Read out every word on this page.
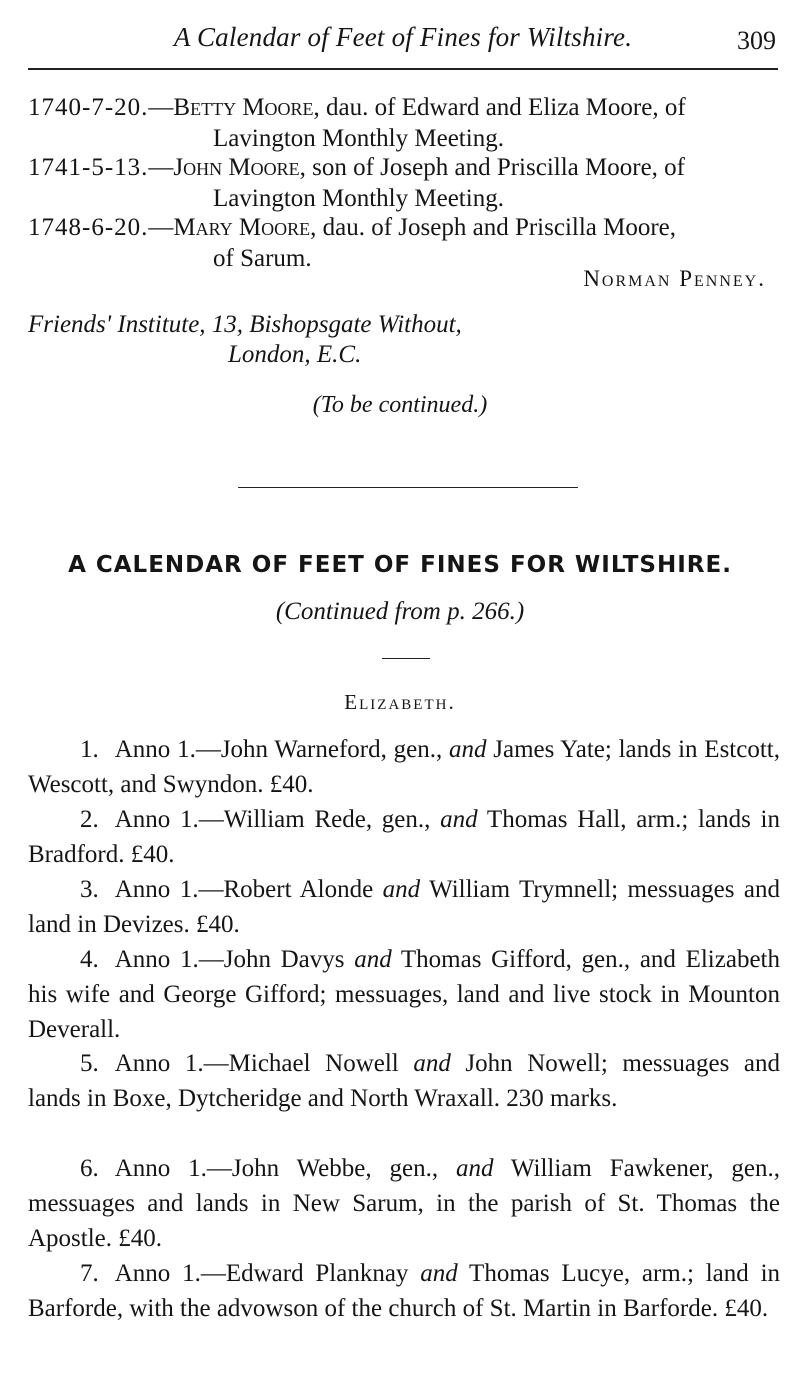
A Calendar of Feet of Fines for Wiltshire.	309
1740-7-20.—Betty Moore, dau. of Edward and Eliza Moore, of
Lavington Monthly Meeting.
1741-5-13.—John Moore, son of Joseph and Priscilla Moore, of
Lavington Monthly Meeting.
1748-6-20.—Mary Moore, dau. of Joseph and Priscilla Moore,
of Sarum.
Norman Penney.
Friends' Institute, 13, Bishopsgate Without,
London, E.C.
(To be continued.)
A CALENDAR OF FEET OF FINES FOR WILTSHIRE.
(Continued from p. 266.)
Elizabeth.
1. Anno 1.—John Warneford, gen., and James Yate; lands in Estcott, Wescott, and Swyndon. £40.
2. Anno 1.—William Rede, gen., and Thomas Hall, arm.; lands in Bradford. £40.
3. Anno 1.—Robert Alonde and William Trymnell; messuages and land in Devizes. £40.
4. Anno 1.—John Davys and Thomas Gifford, gen., and Elizabeth his wife and George Gifford; messuages, land and live stock in Mounton Deverall.
5. Anno 1.—Michael Nowell and John Nowell; messuages and lands in Boxe, Dytcheridge and North Wraxall. 230 marks.
6. Anno 1.—John Webbe, gen., and William Fawkener, gen., messuages and lands in New Sarum, in the parish of St. Thomas the Apostle. £40.
7. Anno 1.—Edward Planknay and Thomas Lucye, arm.; land in Barforde, with the advowson of the church of St. Martin in Barforde. £40.
